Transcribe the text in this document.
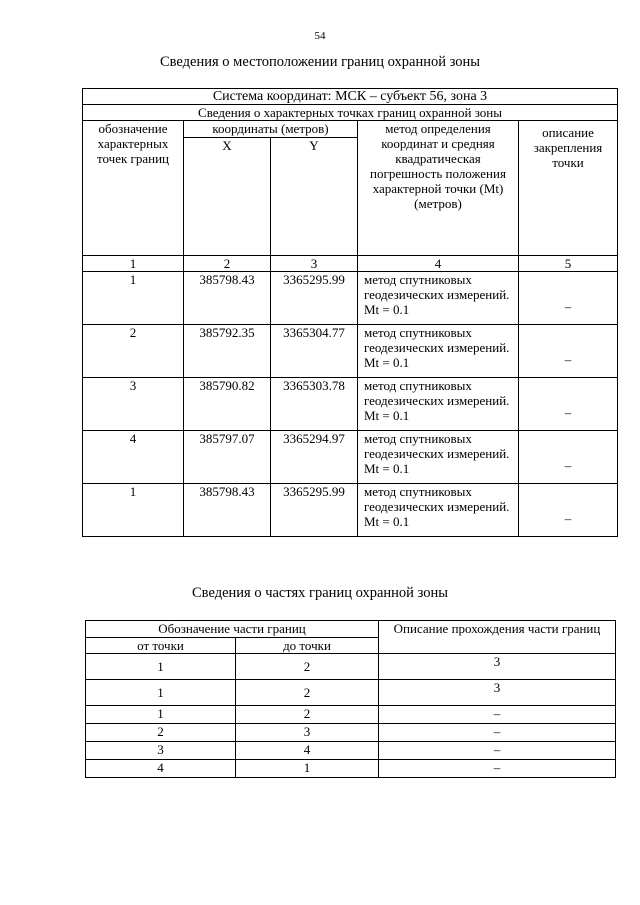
54
Сведения о местоположении границ охранной зоны
Система координат: МСК – субъект 56, зона 3				
Сведения о характерных точках границ охранной зоны				
обозначение характерных точек границ	координаты (метров)		метод определения координат и средняя квадратическая погрешность положения характерной точки (Mt) (метров)	описание закрепления точки
	X	Y		
1	2	3	4	5
1	385798.43	3365295.99	метод спутниковых геодезических измерений. Mt = 0.1	–
2	385792.35	3365304.77	метод спутниковых геодезических измерений. Mt = 0.1	–
3	385790.82	3365303.78	метод спутниковых геодезических измерений. Mt = 0.1	–
4	385797.07	3365294.97	метод спутниковых геодезических измерений. Mt = 0.1	–
1	385798.43	3365295.99	метод спутниковых геодезических измерений. Mt = 0.1	–
Сведения о частях границ охранной зоны
Обозначение части границ		Описание прохождения части границ
от точки	до точки	
1	2	3
1	2	3
1	2	–
2	3	–
3	4	–
4	1	–
